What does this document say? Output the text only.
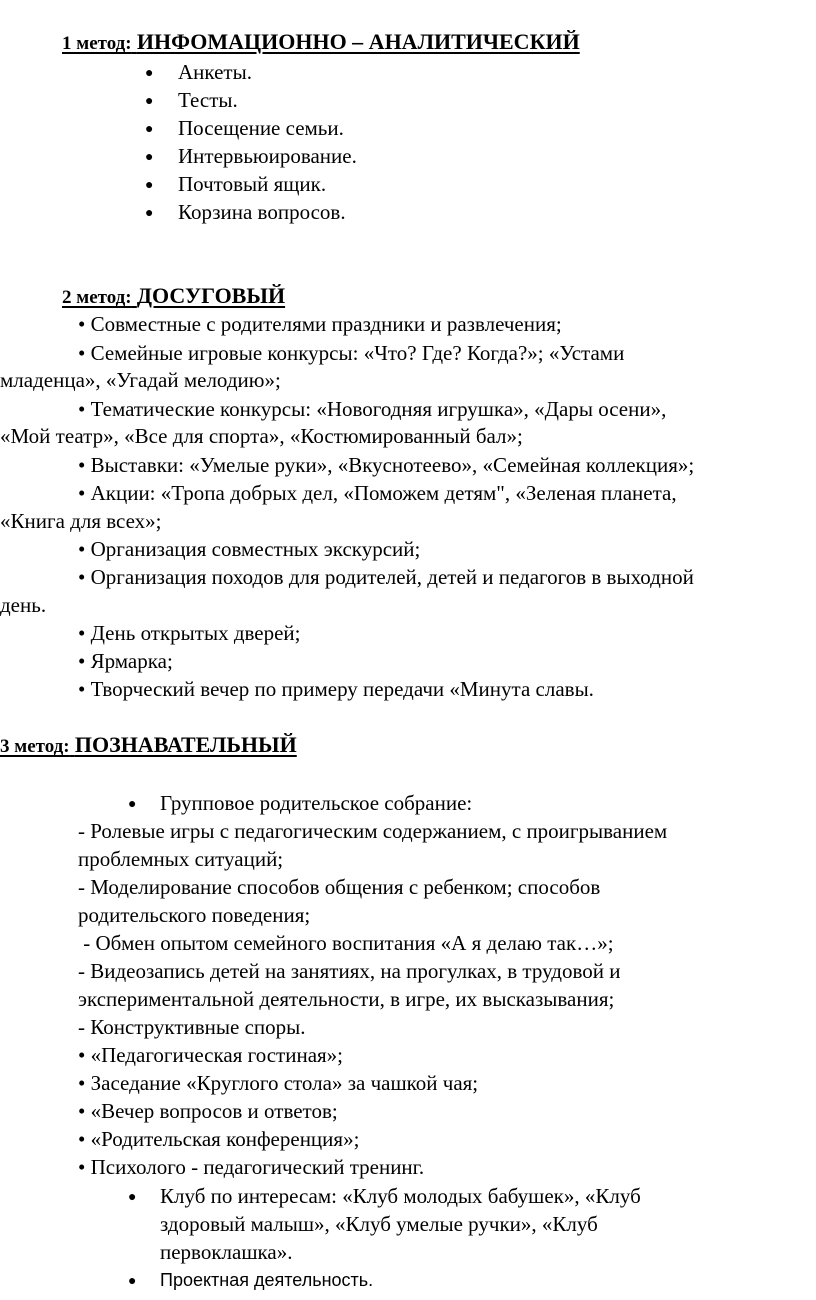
1 метод: ИНФОМАЦИОННО – АНАЛИТИЧЕСКИЙ
● Анкеты.
● Тесты.
● Посещение семьи.
● Интервьюирование.
● Почтовый ящик.
● Корзина вопросов.
2 метод: ДОСУГОВЫЙ
• Совместные с родителями праздники и развлечения;
• Семейные игровые конкурсы: «Что? Где? Когда?»; «Устами
младенца», «Угадай мелодию»;
• Тематические конкурсы: «Новогодняя игрушка», «Дары осени»,
«Мой театр», «Все для спорта», «Костюмированный бал»;
• Выставки: «Умелые руки», «Вкуснотеево», «Семейная коллекция»;
• Акции: «Тропа добрых дел, «Поможем детям", «Зеленая планета,
«Книга для всех»;
• Организация совместных экскурсий;
• Организация походов для родителей, детей и педагогов в выходной
день.
• День открытых дверей;
• Ярмарка;
• Творческий вечер по примеру передачи «Минута славы.
3 метод: ПОЗНАВАТЕЛЬНЫЙ
● Групповое родительское собрание:
- Ролевые игры с педагогическим содержанием, с проигрыванием
проблемных ситуаций;
- Моделирование способов общения с ребенком; способов
родительского поведения;
- Обмен опытом семейного воспитания «А я делаю так…»;
- Видеозапись детей на занятиях, на прогулках, в трудовой и
экспериментальной деятельности, в игре, их высказывания;
- Конструктивные споры.
• «Педагогическая гостиная»;
• Заседание «Круглого стола» за чашкой чая;
• «Вечер вопросов и ответов;
• «Родительская конференция»;
• Психолого - педагогический тренинг.
● Клуб по интересам: «Клуб молодых бабушек», «Клуб
здоровый малыш», «Клуб умелые ручки», «Клуб
первоклашка».
● Проектная деятельность.
